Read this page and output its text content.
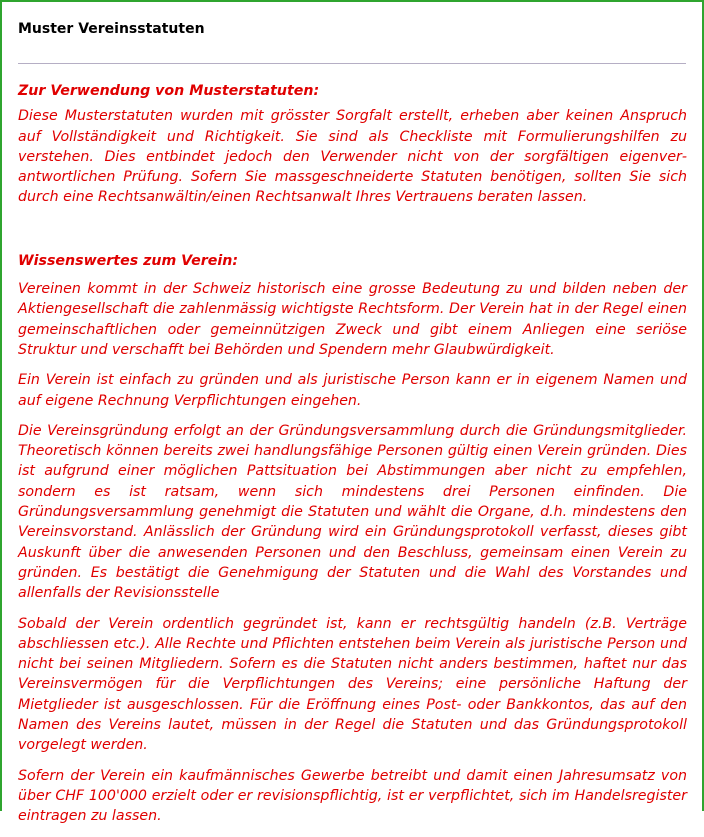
Muster Vereinsstatuten
Zur Verwendung von Musterstatuten:

Diese Musterstatuten wurden mit grösster Sorgfalt erstellt, erheben aber keinen Anspruch auf Vollständigkeit und Richtigkeit. Sie sind als Checkliste mit Formulierungshilfen zu verstehen. Dies entbindet jedoch den Verwender nicht von der sorgfältigen eigenverantwortlichen Prüfung. Sofern Sie massgeschneiderte Statuten benötigen, sollten Sie sich durch eine Rechtsanwältin/einen Rechtsanwalt Ihres Vertrauens beraten lassen.

Wissenswertes zum Verein:

Vereinen kommt in der Schweiz historisch eine grosse Bedeutung zu und bilden neben der Aktiengesellschaft die zahlenmässig wichtigste Rechtsform. Der Verein hat in der Regel einen gemeinschaftlichen oder gemeinnützigen Zweck und gibt einem Anliegen eine seriöse Struktur und verschafft bei Behörden und Spendern mehr Glaubwürdigkeit.

Ein Verein ist einfach zu gründen und als juristische Person kann er in eigenem Namen und auf eigene Rechnung Verpflichtungen eingehen.

Die Vereinsgründung erfolgt an der Gründungsversammlung durch die Gründungsmitglieder. Theoretisch können bereits zwei handlungsfähige Personen gültig einen Verein gründen. Dies ist aufgrund einer möglichen Pattsituation bei Abstimmungen aber nicht zu empfehlen, sondern es ist ratsam, wenn sich mindestens drei Personen einfinden. Die Gründungsversammlung genehmigt die Statuten und wählt die Organe, d.h. mindestens den Vereinsvorstand. Anlässlich der Gründung wird ein Gründungsprotokoll verfasst, dieses gibt Auskunft über die anwesenden Personen und den Beschluss, gemeinsam einen Verein zu gründen. Es bestätigt die Genehmigung der Statuten und die Wahl des Vorstandes und allenfalls der Revisionsstelle

Sobald der Verein ordentlich gegründet ist, kann er rechtsgültig handeln (z.B. Verträge abschliessen etc.). Alle Rechte und Pflichten entstehen beim Verein als juristische Person und nicht bei seinen Mitgliedern. Sofern es die Statuten nicht anders bestimmen, haftet nur das Vereinsvermögen für die Verpflichtungen des Vereins; eine persönliche Haftung der Mietglieder ist ausgeschlossen. Für die Eröffnung eines Post- oder Bankkontos, das auf den Namen des Vereins lautet, müssen in der Regel die Statuten und das Gründungsprotokoll vorgelegt werden.

Sofern der Verein ein kaufmännisches Gewerbe betreibt und damit einen Jahresumsatz von über CHF 100'000 erzielt oder er revisionspflichtig, ist er verpflichtet, sich im Handelsregister eintragen zu lassen.
